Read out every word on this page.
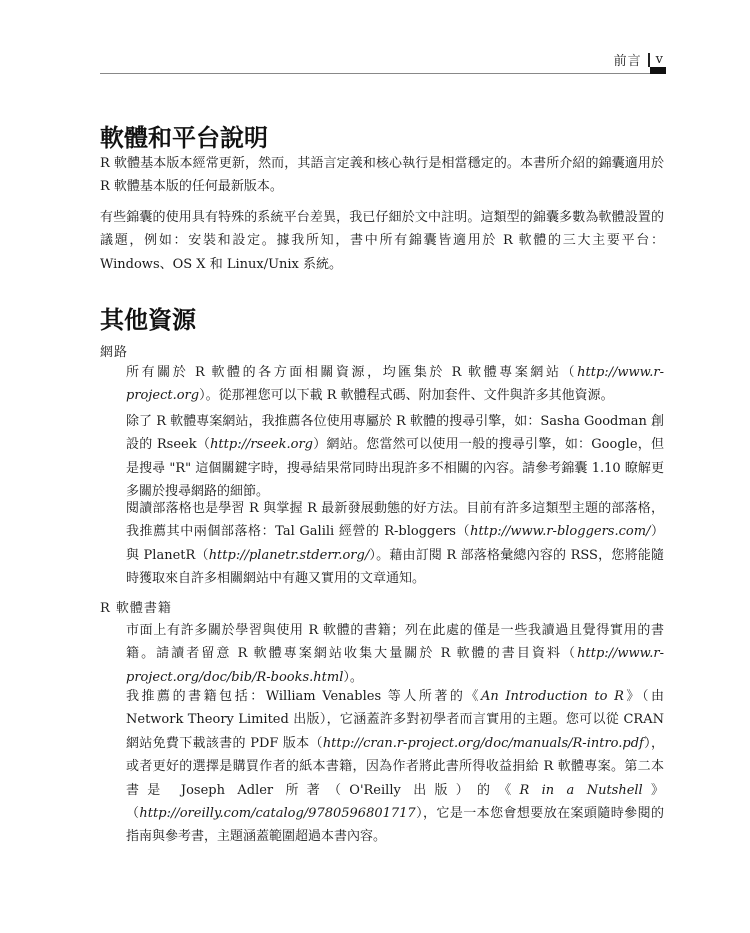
前言 v
軟體和平台說明

R 軟體基本版本經常更新，然而，其語言定義和核心執行是相當穩定的。本書所介紹的錦囊適用於 R 軟體基本版的任何最新版本。

有些錦囊的使用具有特殊的系統平台差異，我已仔細於文中註明。這類型的錦囊多數為軟體設置的議題，例如：安裝和設定。據我所知，書中所有錦囊皆適用於 R 軟體的三大主要平台： Windows、OS X 和 Linux/Unix 系統。

其他資源

網路

所有關於 R 軟體的各方面相關資源，均匯集於 R 軟體專案網站（http://www.r-project.org）。從那裡您可以下載 R 軟體程式碼、附加套件、文件與許多其他資源。

除了 R 軟體專案網站，我推薦各位使用專屬於 R 軟體的搜尋引擎，如：Sasha Goodman 創設的 Rseek（http://rseek.org）網站。您當然可以使用一般的搜尋引擎，如：Google，但是搜尋 "R" 這個關鍵字時，搜尋結果常同時出現許多不相關的內容。請參考錦囊 1.10 瞭解更多關於搜尋網路的細節。

閱讀部落格也是學習 R 與掌握 R 最新發展動態的好方法。目前有許多這類型主題的部落格，我推薦其中兩個部落格：Tal Galili 經營的 R-bloggers（http://www.r-bloggers.com/）與 PlanetR（http://planetr.stderr.org/）。藉由訂閱 R 部落格彙總內容的 RSS，您將能隨時獲取來自許多相關網站中有趣又實用的文章通知。

R 軟體書籍

市面上有許多關於學習與使用 R 軟體的書籍；列在此處的僅是一些我讀過且覺得實用的書籍。請讀者留意 R 軟體專案網站收集大量關於 R 軟體的書目資料（http://www.r-project.org/doc/bib/R-books.html）。

我推薦的書籍包括：William Venables 等人所著的《An Introduction to R》（由 Network Theory Limited 出版），它涵蓋許多對初學者而言實用的主題。您可以從 CRAN 網站免費下載該書的 PDF 版本（http://cran.r-project.org/doc/manuals/R-intro.pdf），或者更好的選擇是購買作者的紙本書籍，因為作者將此書所得收益捐給 R 軟體專案。第二本書是 Joseph Adler 所著（O'Reilly 出版）的《R in a Nutshell》（http://oreilly.com/catalog/9780596801717），它是一本您會想要放在案頭隨時參閱的指南與參考書，主題涵蓋範圍超過本書內容。
